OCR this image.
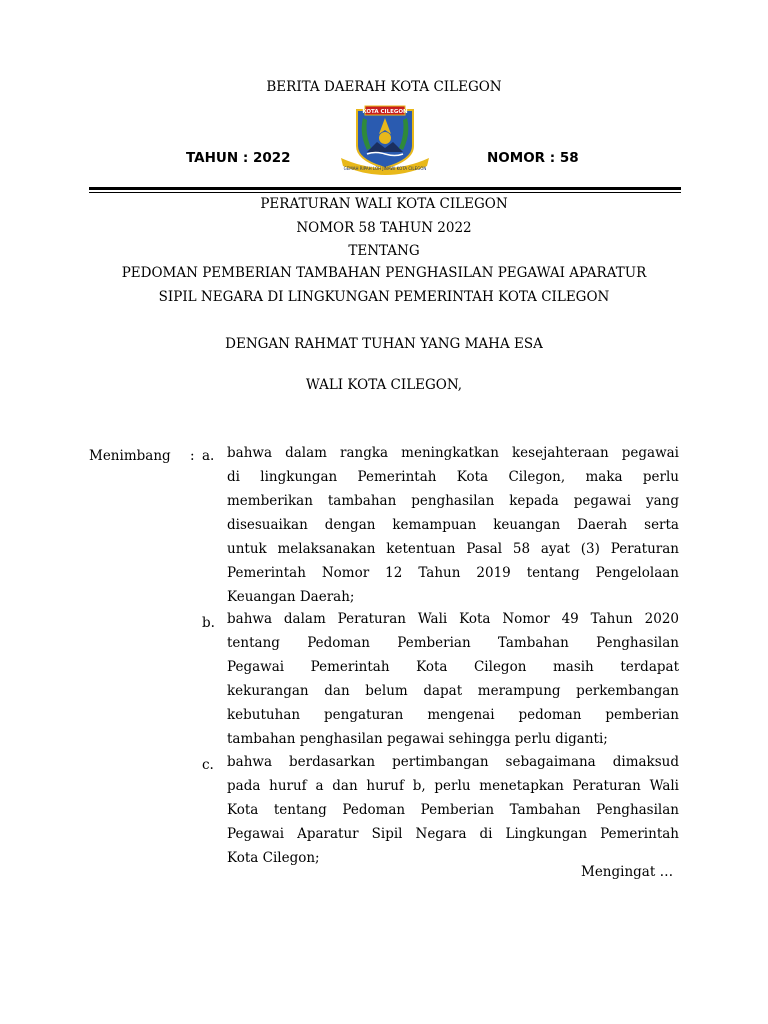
BERITA DAERAH KOTA CILEGON
TAHUN : 2022	NOMOR : 58
GEMAH RIPAH LOH JINAWI KOTA CILEGON
KOTA CILEGON
PERATURAN WALI KOTA CILEGON
NOMOR 58 TAHUN 2022
TENTANG
PEDOMAN PEMBERIAN TAMBAHAN PENGHASILAN PEGAWAI APARATUR
SIPIL NEGARA DI LINGKUNGAN PEMERINTAH KOTA CILEGON
DENGAN RAHMAT TUHAN YANG MAHA ESA
WALI KOTA CILEGON,
Menimbang : a. bahwa dalam rangka meningkatkan kesejahteraan pegawai
di lingkungan Pemerintah Kota Cilegon, maka perlu
memberikan tambahan penghasilan kepada pegawai yang
disesuaikan dengan kemampuan keuangan Daerah serta
untuk melaksanakan ketentuan Pasal 58 ayat (3) Peraturan
Pemerintah Nomor 12 Tahun 2019 tentang Pengelolaan
Keuangan Daerah;
b. bahwa dalam Peraturan Wali Kota Nomor 49 Tahun 2020
tentang Pedoman Pemberian Tambahan Penghasilan
Pegawai Pemerintah Kota Cilegon masih terdapat
kekurangan dan belum dapat merampung perkembangan
kebutuhan pengaturan mengenai pedoman pemberian
tambahan penghasilan pegawai sehingga perlu diganti;
c. bahwa berdasarkan pertimbangan sebagaimana dimaksud
pada huruf a dan huruf b, perlu menetapkan Peraturan Wali
Kota tentang Pedoman Pemberian Tambahan Penghasilan
Pegawai Aparatur Sipil Negara di Lingkungan Pemerintah
Kota Cilegon;
Mengingat …
